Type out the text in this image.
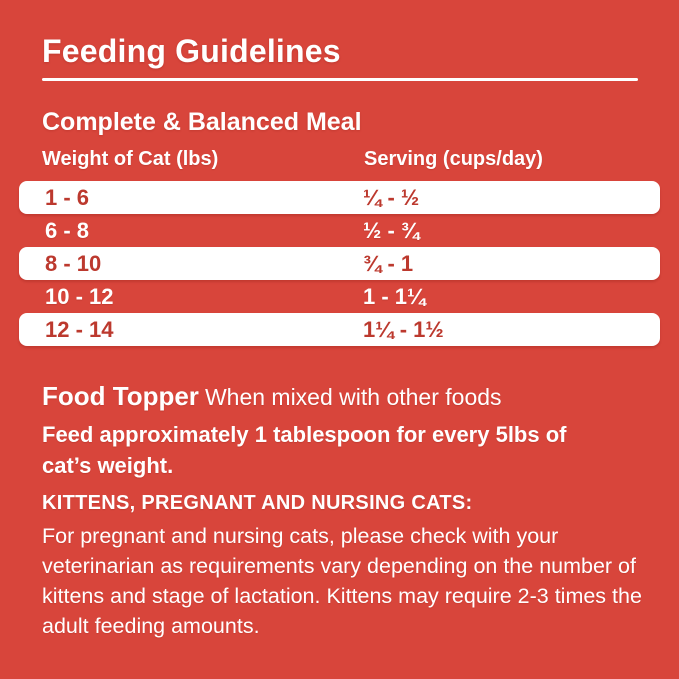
Feeding Guidelines
Complete & Balanced Meal
Weight of Cat (lbs)	Serving (cups/day)
1 - 6	¼ - ½
6 - 8	½ - ¾
8 - 10	¾ - 1
10 - 12	1 - 1¼
12 - 14	1¼ - 1½
Food Topper When mixed with other foods
Feed approximately 1 tablespoon for every 5lbs of cat’s weight.
KITTENS, PREGNANT AND NURSING CATS:
For pregnant and nursing cats, please check with your veterinarian as requirements vary depending on the number of kittens and stage of lactation. Kittens may require 2-3 times the adult feeding amounts.
